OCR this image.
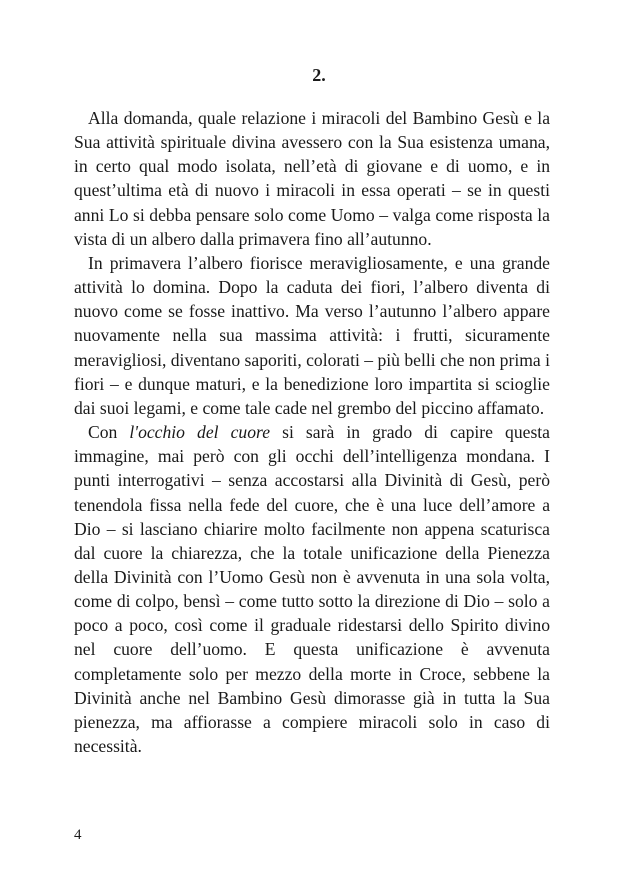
2.

Alla domanda, quale relazione i miracoli del Bambino Gesù e la Sua attività spirituale divina avessero con la Sua esistenza umana, in certo qual modo isolata, nell’età di giovane e di uomo, e in quest’ultima età di nuovo i miracoli in essa operati – se in questi anni Lo si debba pensare solo come Uomo – valga come risposta la vista di un albero dalla primavera fino all’autunno.

In primavera l’albero fiorisce meravigliosamente, e una grande attività lo domina. Dopo la caduta dei fiori, l’albero diventa di nuovo come se fosse inattivo. Ma verso l’autunno l’albero appare nuovamente nella sua massima attività: i frutti, sicuramente meravigliosi, diventano saporiti, colorati – più belli che non prima i fiori – e dunque maturi, e la benedizione loro impartita si scioglie dai suoi legami, e come tale cade nel grembo del piccino affamato.

Con l'occhio del cuore si sarà in grado di capire questa immagine, mai però con gli occhi dell’intelligenza mondana. I punti interrogativi – senza accostarsi alla Divinità di Gesù, però tenendola fissa nella fede del cuore, che è una luce dell’amore a Dio – si lasciano chiarire molto facilmente non appena scaturisca dal cuore la chiarezza, che la totale unificazione della Pienezza della Divinità con l’Uomo Gesù non è avvenuta in una sola volta, come di colpo, bensì – come tutto sotto la direzione di Dio – solo a poco a poco, così come il graduale ridestarsi dello Spirito divino nel cuore dell’uomo. E questa unificazione è avvenuta completamente solo per mezzo della morte in Croce, sebbene la Divinità anche nel Bambino Gesù dimorasse già in tutta la Sua pienezza, ma affiorasse a compiere miracoli solo in caso di necessità.

4
